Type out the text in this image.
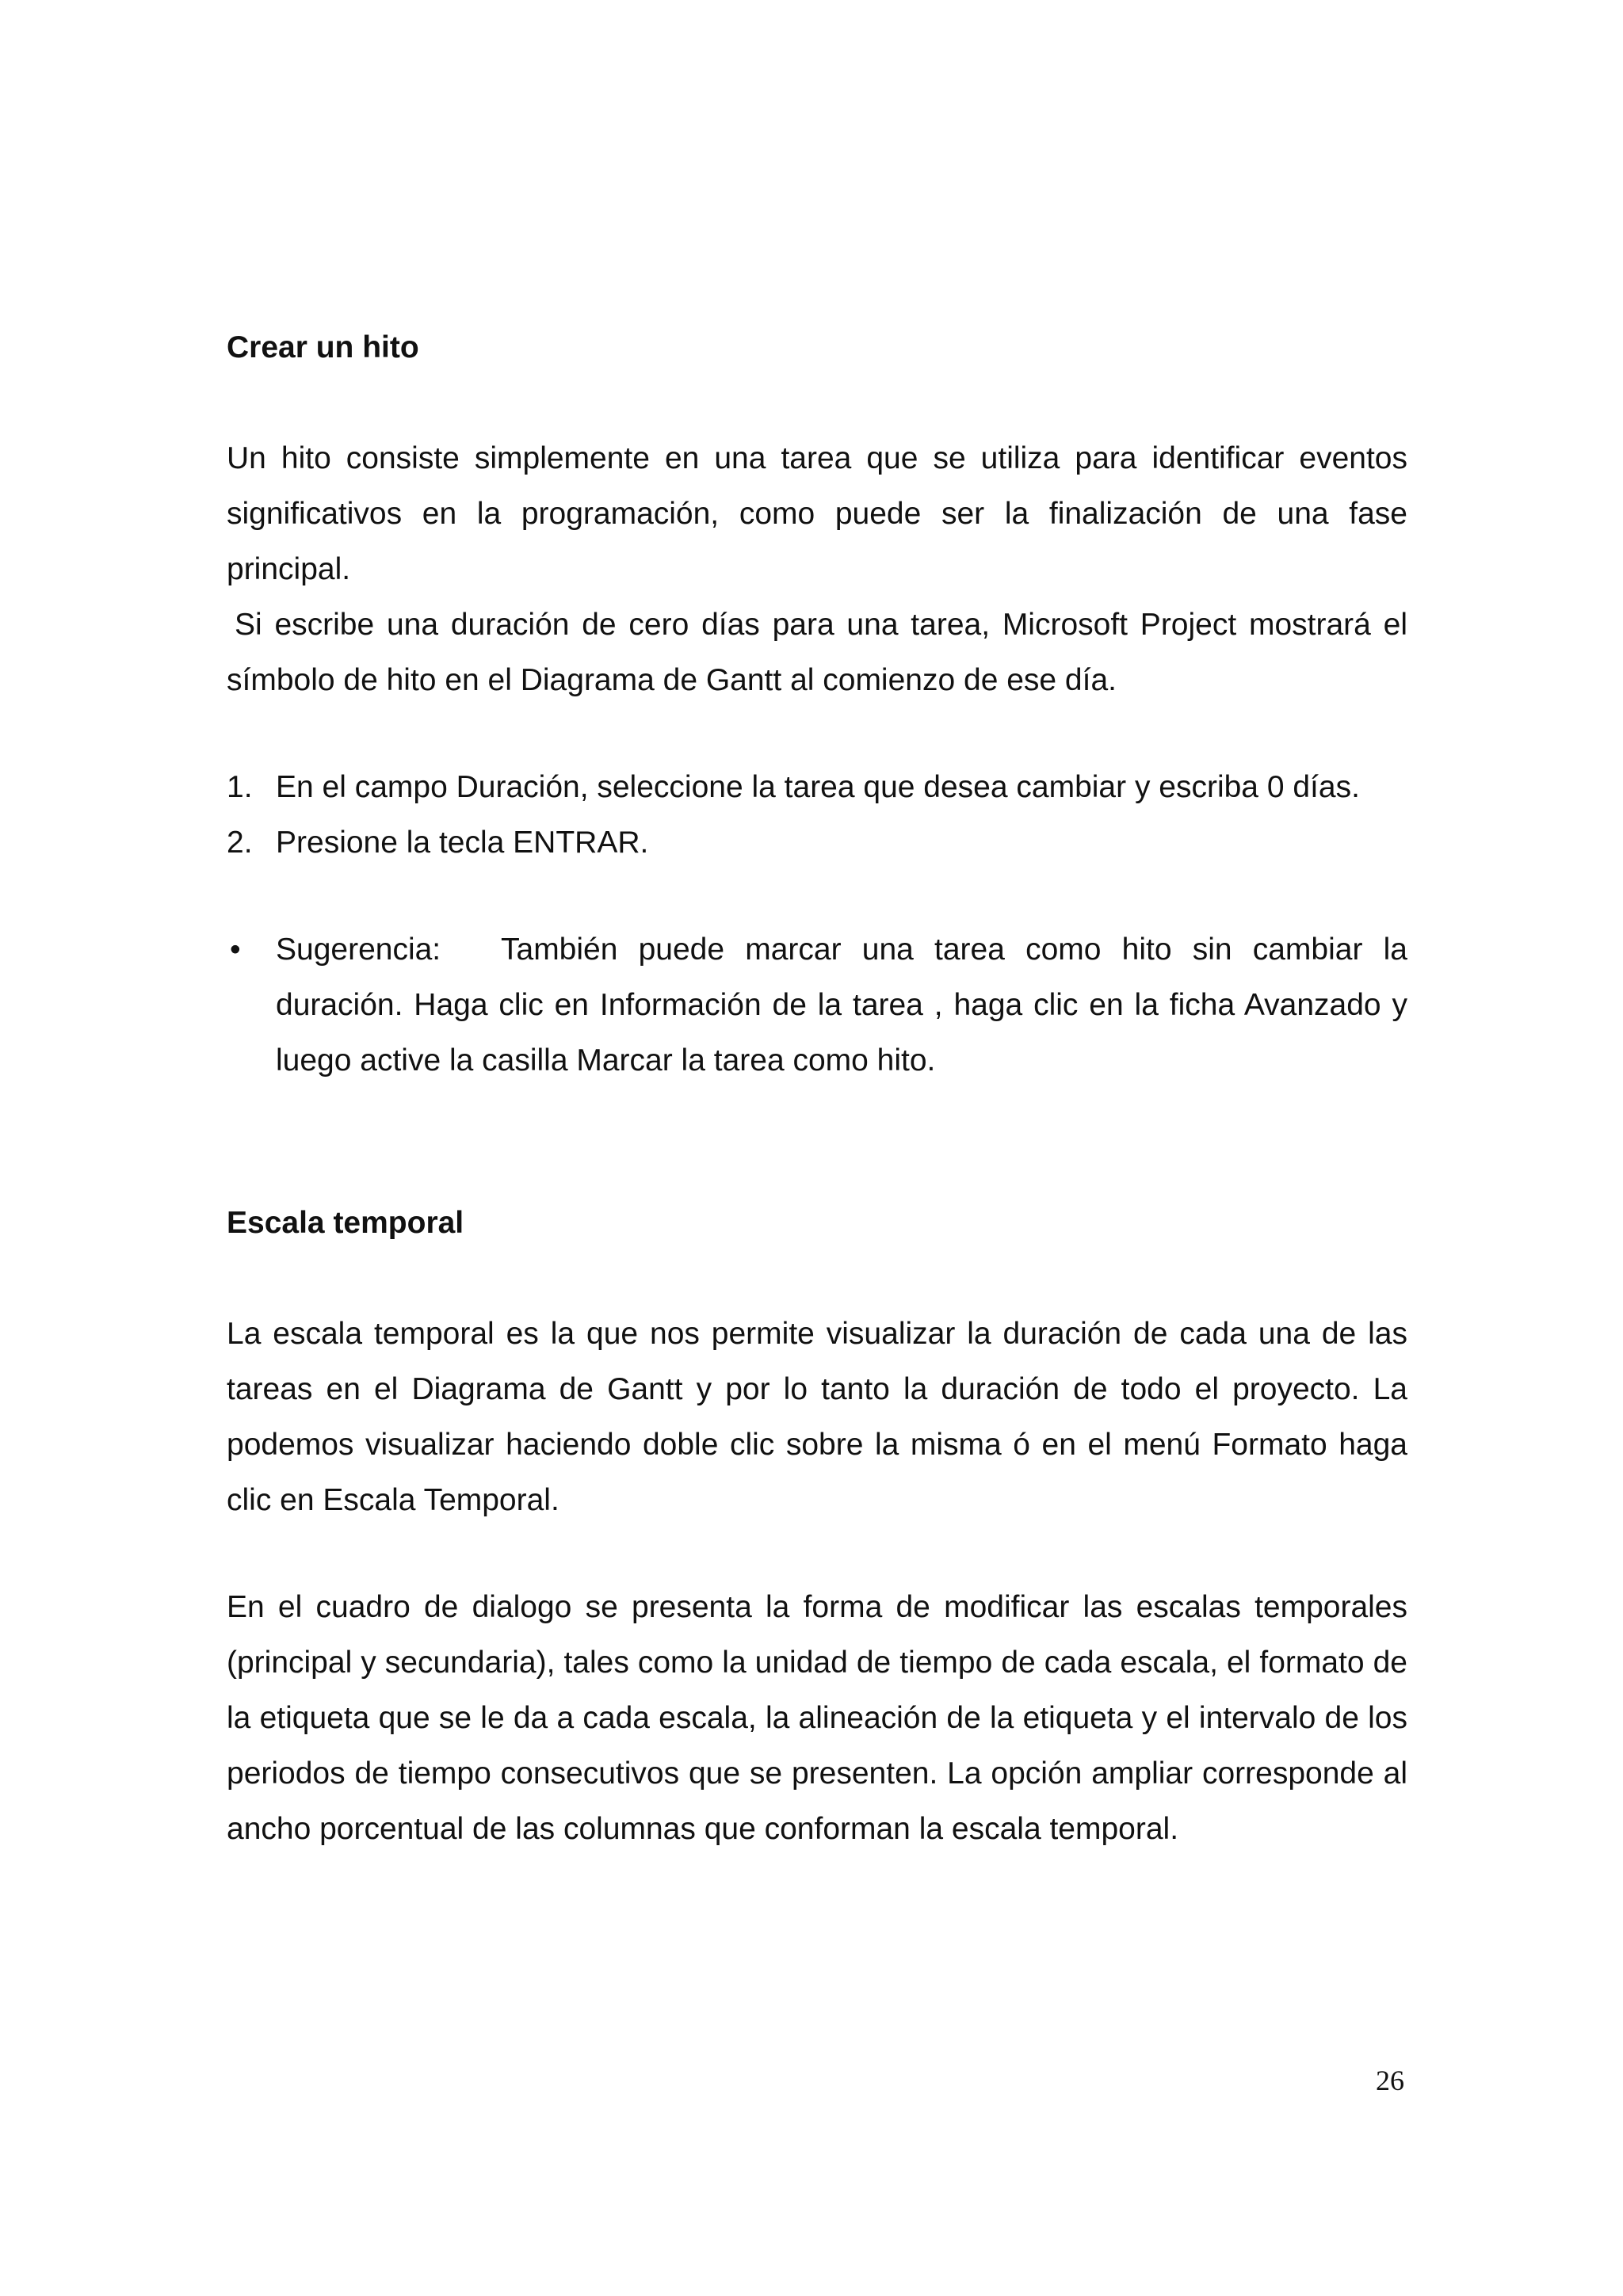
Crear un hito

Un hito consiste simplemente en una tarea que se utiliza para identificar eventos significativos en la programación, como puede ser la finalización de una fase principal.

Si escribe una duración de cero días para una tarea, Microsoft Project mostrará el símbolo de hito en el Diagrama de Gantt al comienzo de ese día.

1. En el campo Duración, seleccione la tarea que desea cambiar y escriba 0 días.
2. Presione la tecla ENTRAR.
• Sugerencia: También puede marcar una tarea como hito sin cambiar la duración. Haga clic en Información de la tarea , haga clic en la ficha Avanzado y luego active la casilla Marcar la tarea como hito.
Escala temporal

La escala temporal es la que nos permite visualizar la duración de cada una de las tareas en el Diagrama de Gantt y por lo tanto la duración de todo el proyecto. La podemos visualizar haciendo doble clic sobre la misma ó en el menú Formato haga clic en Escala Temporal.

En el cuadro de dialogo se presenta la forma de modificar las escalas temporales (principal y secundaria), tales como la unidad de tiempo de cada escala, el formato de la etiqueta que se le da a cada escala, la alineación de la etiqueta y el intervalo de los periodos de tiempo consecutivos que se presenten. La opción ampliar corresponde al ancho porcentual de las columnas que conforman la escala temporal.

26
